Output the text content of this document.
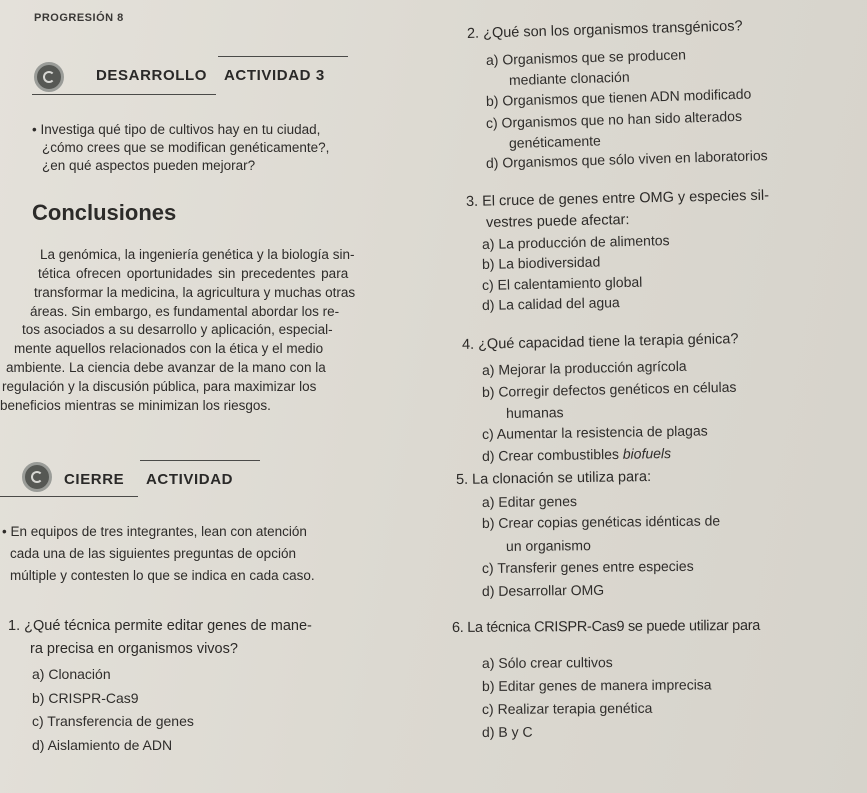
PROGRESIÓN 8
DESARROLLO ACTIVIDAD 3
• Investiga qué tipo de cultivos hay en tu ciudad,
¿cómo crees que se modifican genéticamente?,
¿en qué aspectos pueden mejorar?
Conclusiones
La genómica, la ingeniería genética y la biología sin-
tética ofrecen oportunidades sin precedentes para
transformar la medicina, la agricultura y muchas otras
áreas. Sin embargo, es fundamental abordar los re-
tos asociados a su desarrollo y aplicación, especial-
mente aquellos relacionados con la ética y el medio
ambiente. La ciencia debe avanzar de la mano con la
regulación y la discusión pública, para maximizar los
beneficios mientras se minimizan los riesgos.
CIERRE ACTIVIDAD
• En equipos de tres integrantes, lean con atención
cada una de las siguientes preguntas de opción
múltiple y contesten lo que se indica en cada caso.
1. ¿Qué técnica permite editar genes de mane-
ra precisa en organismos vivos?
a) Clonación
b) CRISPR-Cas9
c) Transferencia de genes
d) Aislamiento de ADN
2. ¿Qué son los organismos transgénicos?
a) Organismos que se producen
mediante clonación
b) Organismos que tienen ADN modificado
c) Organismos que no han sido alterados
genéticamente
d) Organismos que sólo viven en laboratorios
3. El cruce de genes entre OMG y especies sil-
vestres puede afectar:
a) La producción de alimentos
b) La biodiversidad
c) El calentamiento global
d) La calidad del agua
4. ¿Qué capacidad tiene la terapia génica?
a) Mejorar la producción agrícola
b) Corregir defectos genéticos en células
humanas
c) Aumentar la resistencia de plagas
d) Crear combustibles biofuels
5. La clonación se utiliza para:
a) Editar genes
b) Crear copias genéticas idénticas de
un organismo
c) Transferir genes entre especies
d) Desarrollar OMG
6. La técnica CRISPR-Cas9 se puede utilizar para
a) Sólo crear cultivos
b) Editar genes de manera imprecisa
c) Realizar terapia genética
d) B y C
